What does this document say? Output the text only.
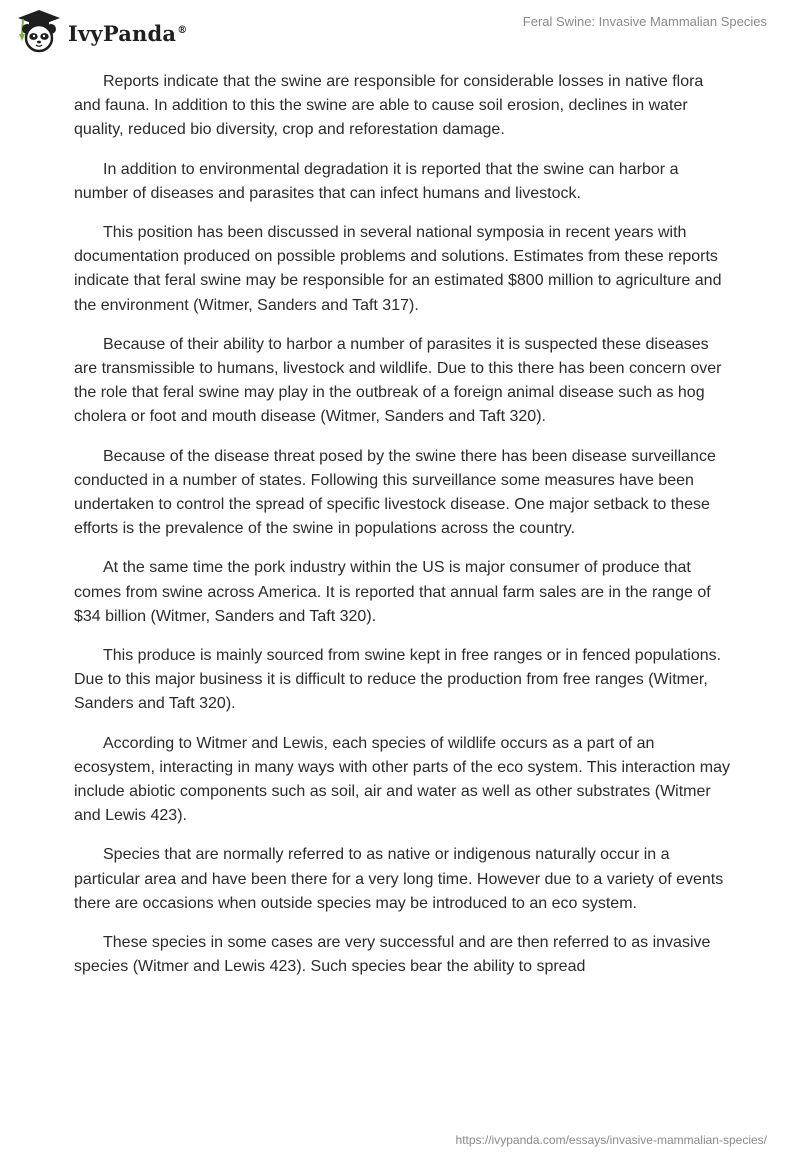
IvyPanda®
Feral Swine: Invasive Mammalian Species

Reports indicate that the swine are responsible for considerable losses in native flora and fauna. In addition to this the swine are able to cause soil erosion, declines in water quality, reduced bio diversity, crop and reforestation damage.

In addition to environmental degradation it is reported that the swine can harbor a number of diseases and parasites that can infect humans and livestock.

This position has been discussed in several national symposia in recent years with documentation produced on possible problems and solutions. Estimates from these reports indicate that feral swine may be responsible for an estimated $800 million to agriculture and the environment (Witmer, Sanders and Taft 317).

Because of their ability to harbor a number of parasites it is suspected these diseases are transmissible to humans, livestock and wildlife. Due to this there has been concern over the role that feral swine may play in the outbreak of a foreign animal disease such as hog cholera or foot and mouth disease (Witmer, Sanders and Taft 320).

Because of the disease threat posed by the swine there has been disease surveillance conducted in a number of states. Following this surveillance some measures have been undertaken to control the spread of specific livestock disease. One major setback to these efforts is the prevalence of the swine in populations across the country.

At the same time the pork industry within the US is major consumer of produce that comes from swine across America. It is reported that annual farm sales are in the range of $34 billion (Witmer, Sanders and Taft 320).

This produce is mainly sourced from swine kept in free ranges or in fenced populations. Due to this major business it is difficult to reduce the production from free ranges (Witmer, Sanders and Taft 320).

According to Witmer and Lewis, each species of wildlife occurs as a part of an ecosystem, interacting in many ways with other parts of the eco system. This interaction may include abiotic components such as soil, air and water as well as other substrates (Witmer and Lewis 423).

Species that are normally referred to as native or indigenous naturally occur in a particular area and have been there for a very long time. However due to a variety of events there are occasions when outside species may be introduced to an eco system.

These species in some cases are very successful and are then referred to as invasive species (Witmer and Lewis 423). Such species bear the ability to spread

https://ivypanda.com/essays/invasive-mammalian-species/
